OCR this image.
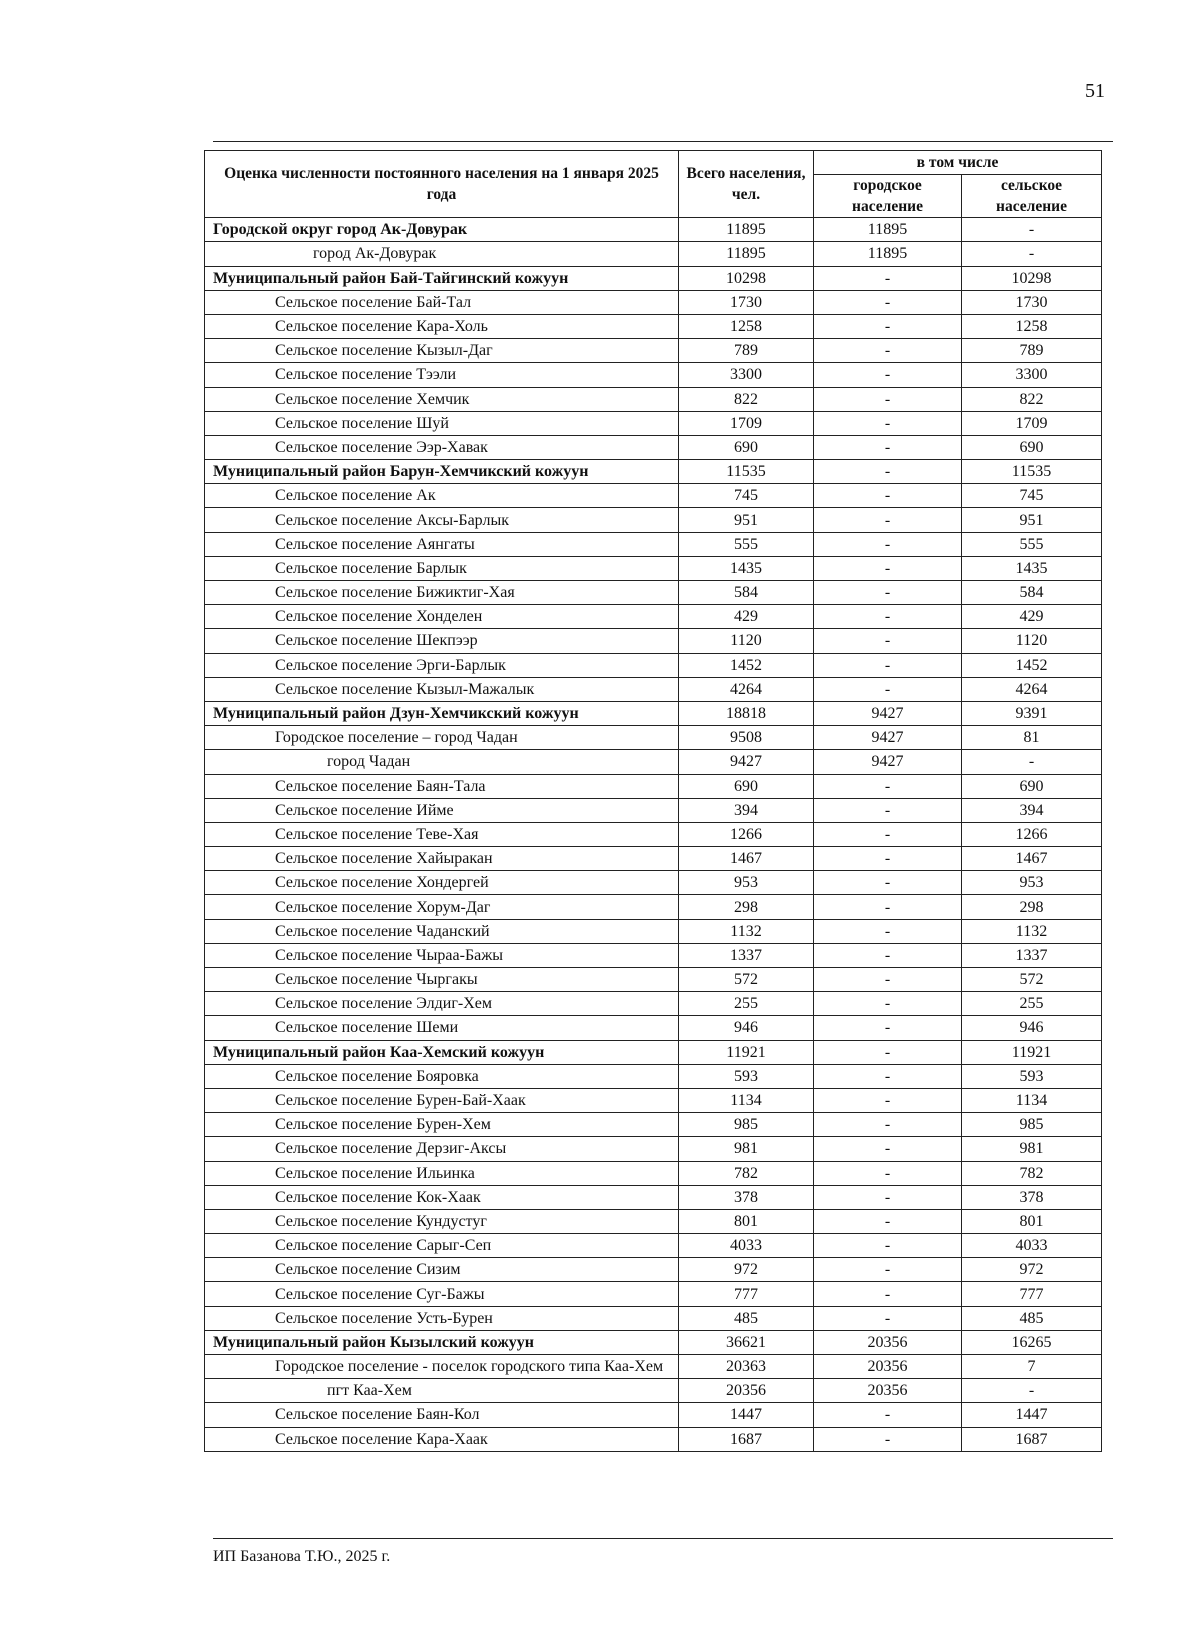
51
Оценка численности постоянного населения на 1 января 2025 года	Всего населения, чел.	в том числе	
		городское население	сельское население
Городской округ город Ак-Довурак	11895	11895	-
город Ак-Довурак	11895	11895	-
Муниципальный район Бай-Тайгинский кожуун	10298	-	10298
Сельское поселение Бай-Тал	1730	-	1730
Сельское поселение Кара-Холь	1258	-	1258
Сельское поселение Кызыл-Даг	789	-	789
Сельское поселение Тээли	3300	-	3300
Сельское поселение Хемчик	822	-	822
Сельское поселение Шуй	1709	-	1709
Сельское поселение Ээр-Хавак	690	-	690
Муниципальный район Барун-Хемчикский кожуун	11535	-	11535
Сельское поселение Ак	745	-	745
Сельское поселение Аксы-Барлык	951	-	951
Сельское поселение Аянгаты	555	-	555
Сельское поселение Барлык	1435	-	1435
Сельское поселение Бижиктиг-Хая	584	-	584
Сельское поселение Хонделен	429	-	429
Сельское поселение Шекпээр	1120	-	1120
Сельское поселение Эрги-Барлык	1452	-	1452
Сельское поселение Кызыл-Мажалык	4264	-	4264
Муниципальный район Дзун-Хемчикский кожуун	18818	9427	9391
Городское поселение – город Чадан	9508	9427	81
город Чадан	9427	9427	-
Сельское поселение Баян-Тала	690	-	690
Сельское поселение Ийме	394	-	394
Сельское поселение Теве-Хая	1266	-	1266
Сельское поселение Хайыракан	1467	-	1467
Сельское поселение Хондергей	953	-	953
Сельское поселение Хорум-Даг	298	-	298
Сельское поселение Чаданский	1132	-	1132
Сельское поселение Чыраа-Бажы	1337	-	1337
Сельское поселение Чыргакы	572	-	572
Сельское поселение Элдиг-Хем	255	-	255
Сельское поселение Шеми	946	-	946
Муниципальный район Каа-Хемский кожуун	11921	-	11921
Сельское поселение Бояровка	593	-	593
Сельское поселение Бурен-Бай-Хаак	1134	-	1134
Сельское поселение Бурен-Хем	985	-	985
Сельское поселение Дерзиг-Аксы	981	-	981
Сельское поселение Ильинка	782	-	782
Сельское поселение Кок-Хаак	378	-	378
Сельское поселение Кундустуг	801	-	801
Сельское поселение Сарыг-Сеп	4033	-	4033
Сельское поселение Сизим	972	-	972
Сельское поселение Суг-Бажы	777	-	777
Сельское поселение Усть-Бурен	485	-	485
Муниципальный район Кызылский кожуун	36621	20356	16265
Городское поселение - поселок городского типа Каа-Хем	20363	20356	7
пгт Каа-Хем	20356	20356	-
Сельское поселение Баян-Кол	1447	-	1447
Сельское поселение Кара-Хаак	1687	-	1687
ИП Базанова Т.Ю., 2025 г.
